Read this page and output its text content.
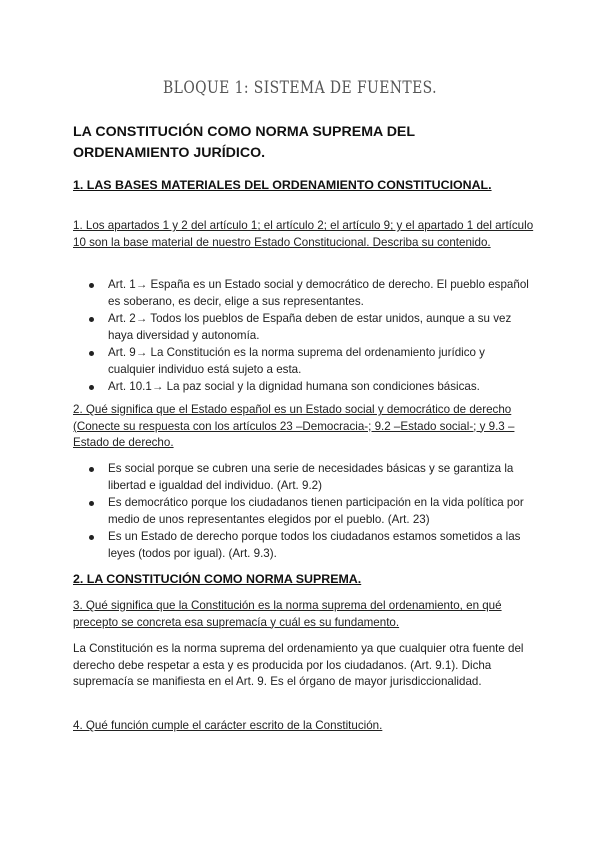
BLOQUE 1: SISTEMA DE FUENTES.
LA CONSTITUCIÓN COMO NORMA SUPREMA DEL ORDENAMIENTO JURÍDICO.
1. LAS BASES MATERIALES DEL ORDENAMIENTO CONSTITUCIONAL.
1. Los apartados 1 y 2 del artículo 1; el artículo 2; el artículo 9; y el apartado 1 del artículo 10 son la base material de nuestro Estado Constitucional. Describa su contenido.
Art. 1→ España es un Estado social y democrático de derecho. El pueblo español es soberano, es decir, elige a sus representantes.
Art. 2→ Todos los pueblos de España deben de estar unidos, aunque a su vez haya diversidad y autonomía.
Art. 9→ La Constitución es la norma suprema del ordenamiento jurídico y cualquier individuo está sujeto a esta.
Art. 10.1→ La paz social y la dignidad humana son condiciones básicas.
2. Qué significa que el Estado español es un Estado social y democrático de derecho (Conecte su respuesta con los artículos 23 –Democracia-; 9.2 –Estado social-; y 9.3 – Estado de derecho.
Es social porque se cubren una serie de necesidades básicas y se garantiza la libertad e igualdad del individuo. (Art. 9.2)
Es democrático porque los ciudadanos tienen participación en la vida política por medio de unos representantes elegidos por el pueblo. (Art. 23)
Es un Estado de derecho porque todos los ciudadanos estamos sometidos a las leyes (todos por igual). (Art. 9.3).
2. LA CONSTITUCIÓN COMO NORMA SUPREMA.
3. Qué significa que la Constitución es la norma suprema del ordenamiento, en qué precepto se concreta esa supremacía y cuál es su fundamento.
La Constitución es la norma suprema del ordenamiento ya que cualquier otra fuente del derecho debe respetar a esta y es producida por los ciudadanos. (Art. 9.1). Dicha supremacía se manifiesta en el Art. 9. Es el órgano de mayor jurisdiccionalidad.
4. Qué función cumple el carácter escrito de la Constitución.
